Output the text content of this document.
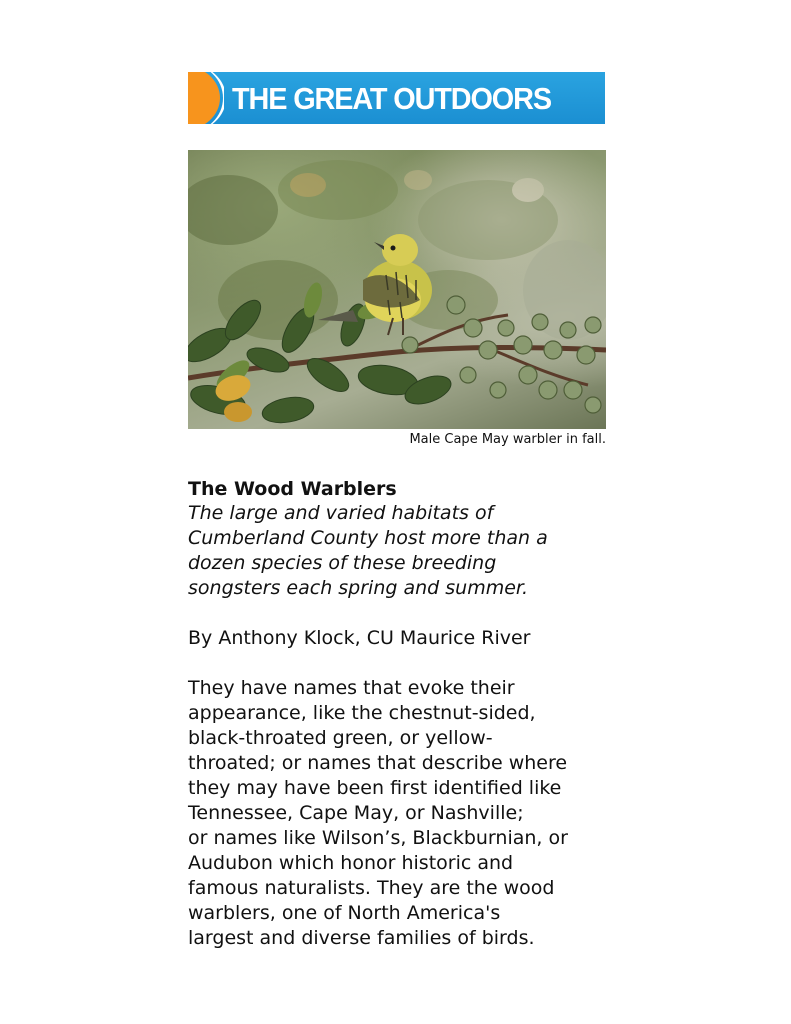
THE GREAT OUTDOORS
Male Cape May warbler in fall.
The Wood Warblers
The large and varied habitats of
Cumberland County host more than a
dozen species of these breeding
songsters each spring and summer.
By Anthony Klock, CU Maurice River
They have names that evoke their
appearance, like the chestnut-sided,
black-throated green, or yellow-
throated; or names that describe where
they may have been first identified like
Tennessee, Cape May, or Nashville;
or names like Wilson’s, Blackburnian, or
Audubon which honor historic and
famous naturalists. They are the wood
warblers, one of North America's
largest and diverse families of birds.
